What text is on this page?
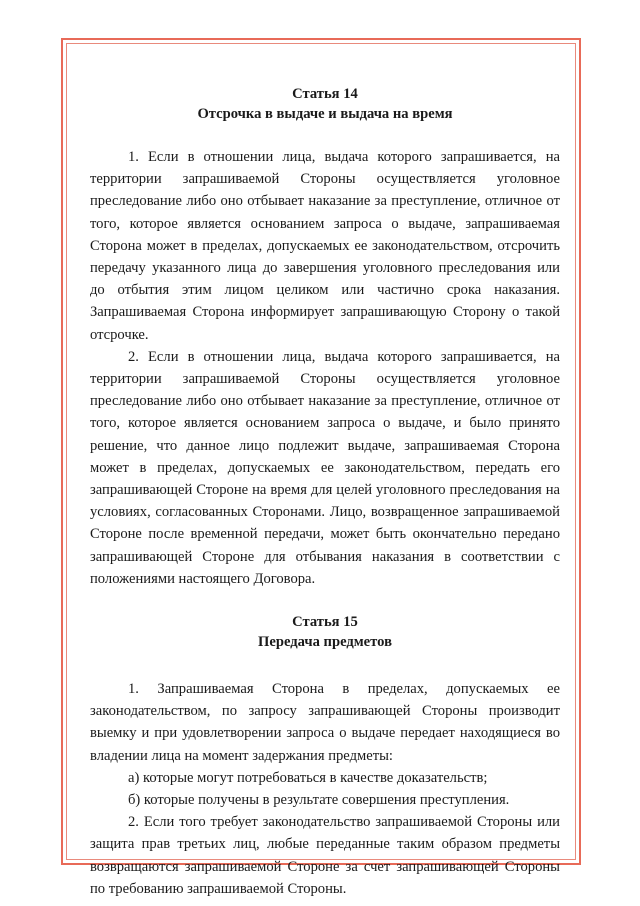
Статья 14

Отсрочка в выдаче и выдача на время

1. Если в отношении лица, выдача которого запрашивается, на территории запрашиваемой Стороны осуществляется уголовное преследование либо оно отбывает наказание за преступление, отличное от того, которое является основанием запроса о выдаче, запрашиваемая Сторона может в пределах, допускаемых ее законодательством, отсрочить передачу указанного лица до завершения уголовного преследования или до отбытия этим лицом целиком или частично срока наказания. Запрашиваемая Сторона информирует запрашивающую Сторону о такой отсрочке.

2. Если в отношении лица, выдача которого запрашивается, на территории запрашиваемой Стороны осуществляется уголовное преследование либо оно отбывает наказание за преступление, отличное от того, которое является основанием запроса о выдаче, и было принято решение, что данное лицо подлежит выдаче, запрашиваемая Сторона может в пределах, допускаемых ее законодательством, передать его запрашивающей Стороне на время для целей уголовного преследования на условиях, согласованных Сторонами. Лицо, возвращенное запрашиваемой Стороне после временной передачи, может быть окончательно передано запрашивающей Стороне для отбывания наказания в соответствии с положениями настоящего Договора.

Статья 15

Передача предметов

1. Запрашиваемая Сторона в пределах, допускаемых ее законодательством, по запросу запрашивающей Стороны производит выемку и при удовлетворении запроса о выдаче передает находящиеся во владении лица на момент задержания предметы:

а) которые могут потребоваться в качестве доказательств;

б) которые получены в результате совершения преступления.

2. Если того требует законодательство запрашиваемой Стороны или защита прав третьих лиц, любые переданные таким образом предметы возвращаются запрашиваемой Стороне за счет запрашивающей Стороны по требованию запрашиваемой Стороны.
